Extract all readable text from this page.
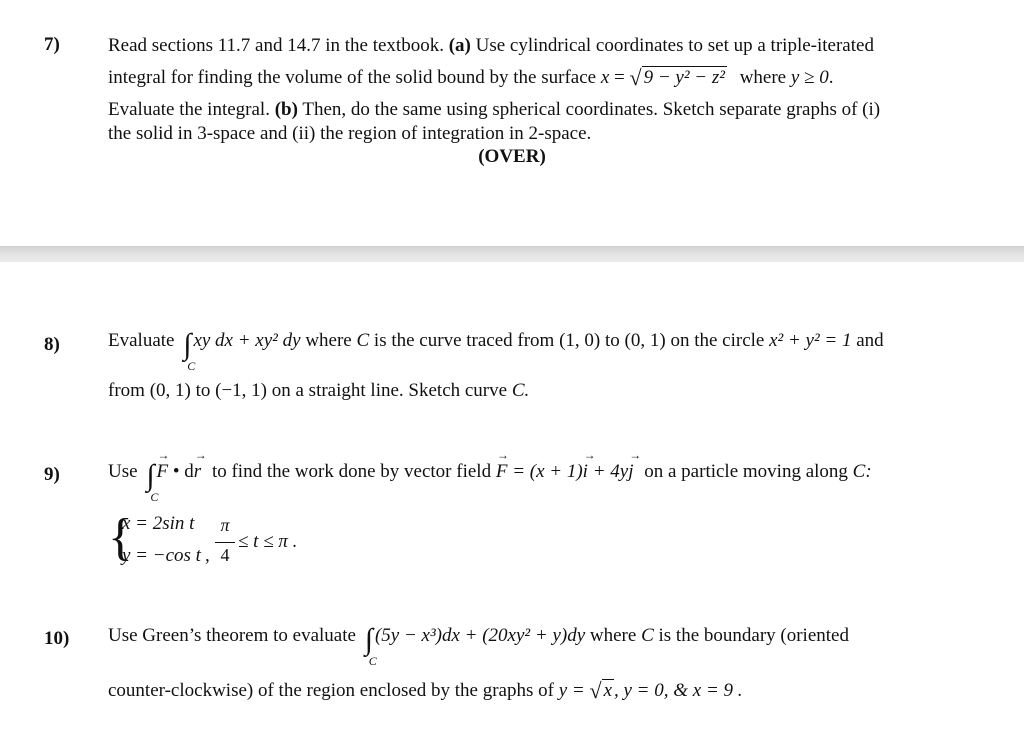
7)	Read sections 11.7 and 14.7 in the textbook. (a) Use cylindrical coordinates to set up a triple-iterated
integral for finding the volume of the solid bound by the surface x = √ 9 − y² − z² where y ≥ 0.
Evaluate the integral. (b) Then, do the same using spherical coordinates. Sketch separate graphs of (i)
the solid in 3-space and (ii) the region of integration in 2-space.
(OVER)
8)	Evaluate ∫
C
xy dx + xy² dy where C is the curve traced from (1, 0) to (0, 1) on the circle x² + y² = 1 and
from (0, 1) to (−1, 1) on a straight line. Sketch curve C.
9)	Use ∫
C
→ F • d→ r to find the work done by vector field → F = (x + 1)→ i + 4y→ j on a particle moving along C:
{
x = 2sin t
y = −cos t ,
π
4
≤ t ≤ π .
10) Use Green’s theorem to evaluate ∫
C
(5y − x³)dx + (20xy² + y)dy where C is the boundary (oriented
counter-clockwise) of the region enclosed by the graphs of y = √ x , y = 0, & x = 9 .
